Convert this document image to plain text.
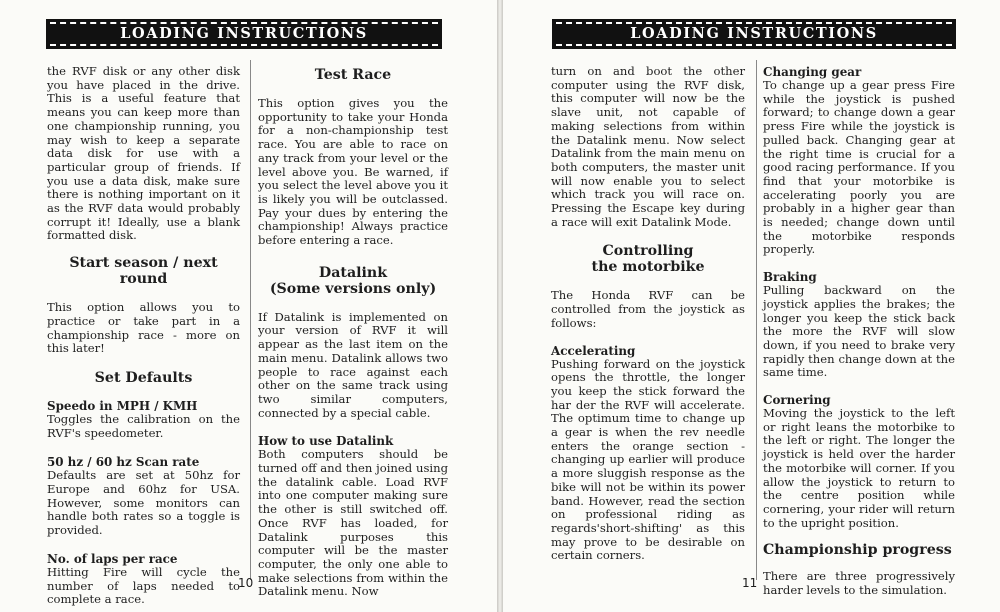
LOADING INSTRUCTIONS

the RVF disk or any other disk you have placed in the drive. This is a useful feature that means you can keep more than one championship running, you may wish to keep a separate data disk for use with a particular group of friends. If you use a data disk, make sure there is nothing important on it as the RVF data would probably corrupt it! Ideally, use a blank formatted disk.

Start season / next round

This option allows you to practice or take part in a championship race - more on this later!

Set Defaults
Speedo in MPH / KMH

Toggles the calibration on the RVF's speedometer.

50 hz / 60 hz Scan rate

Defaults are set at 50hz for Europe and 60hz for USA. However, some monitors can handle both rates so a toggle is provided.

No. of laps per race

Hitting Fire will cycle the number of laps needed to complete a race.

Test Race

This option gives you the opportunity to take your Honda for a non-championship test race. You are able to race on any track from your level or the level above you. Be warned, if you select the level above you it is likely you will be outclassed. Pay your dues by entering the championship! Always practice before entering a race.

Datalink
(Some versions only)

If Datalink is implemented on your version of RVF it will appear as the last item on the main menu. Datalink allows two people to race against each other on the same track using two similar computers, connected by a special cable.

How to use Datalink

Both computers should be turned off and then joined using the datalink cable. Load RVF into one computer making sure the other is still switched off. Once RVF has loaded, for Datalink purposes this computer will be the master computer, the only one able to make selections from within the Datalink menu. Now

10
LOADING INSTRUCTIONS

turn on and boot the other computer using the RVF disk, this computer will now be the slave unit, not capable of making selections from within the Datalink menu. Now select Datalink from the main menu on both computers, the master unit will now enable you to select which track you will race on. Pressing the Escape key during a race will exit Datalink Mode.

Controlling
the motorbike

The Honda RVF can be controlled from the joystick as follows:

Accelerating

Pushing forward on the joystick opens the throttle, the longer you keep the stick forward the har der the RVF will accelerate. The optimum time to change up a gear is when the rev needle enters the orange section - changing up earlier will produce a more sluggish response as the bike will not be within its power band. However, read the section on professional riding as regards'short-shifting' as this may prove to be desirable on certain corners.

Changing gear

To change up a gear press Fire while the joystick is pushed forward; to change down a gear press Fire while the joystick is pulled back. Changing gear at the right time is crucial for a good racing performance. If you find that your motorbike is accelerating poorly you are probably in a higher gear than is needed; change down until the motorbike responds properly.

Braking

Pulling backward on the joystick applies the brakes; the longer you keep the stick back the more the RVF will slow down, if you need to brake very rapidly then change down at the same time.

Cornering

Moving the joystick to the left or right leans the motorbike to the left or right. The longer the joystick is held over the harder the motorbike will corner. If you allow the joystick to return to the centre position while cornering, your rider will return to the upright position.

Championship progress

There are three progressively harder levels to the simulation.

11
